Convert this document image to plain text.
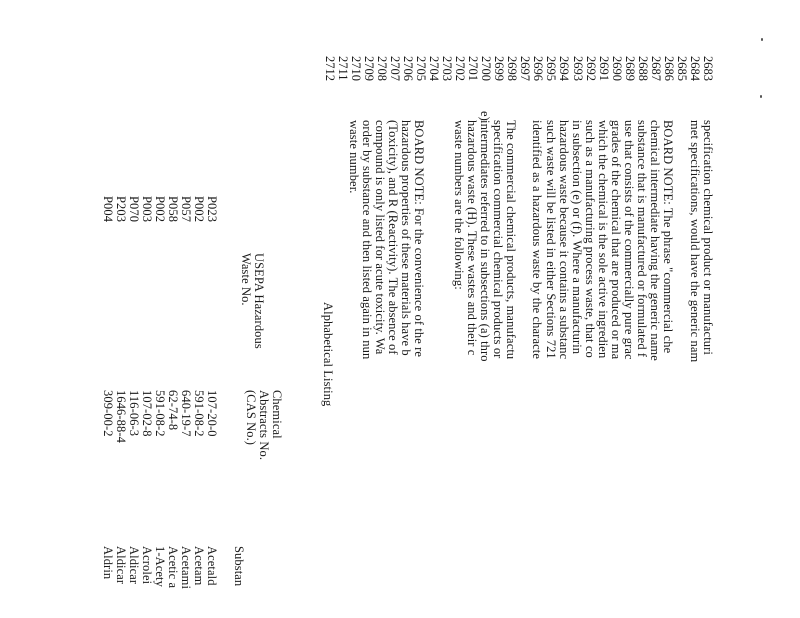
2683
2684
2685
2686
2687
2688
2689
2690
2691
2692
2693
2694
2695
2696
2697
2698
2699
2700
2701
2702
2703
2704
2705
2706
2707
2708
2709
2710
2711
2712
specification chemical product or manufacturi
met specifications, would have the generic nam
BOARD NOTE: The phrase "commercial che
chemical intermediate having the generic name
substance that is manufactured or formulated f
use that consists of the commercially pure grac
grades of the chemical that are produced or ma
which the chemical is the sole active ingredien
such as a manufacturing process waste, that co
in subsection (e) or (f). Where a manufacturin
hazardous waste because it contains a substanc
such waste will be listed in either Sections 721
identified as a hazardous waste by the characte
e)
The commercial chemical products, manufactu
specification commercial chemical products or
intermediates referred to in subsections (a) thro
hazardous waste (H). These wastes and their c
waste numbers are the following:
BOARD NOTE: For the convenience of the re
hazardous properties of these materials have b
(Toxicity), and R (Reactivity). The absence of
compound is only listed for acute toxicity. Wa
order by substance and then listed again in nun
waste number.
Alphabetical Listing
USEPA Hazardous
Waste No.
Chemical
Abstracts No.
(CAS No.)
Substan
P023
107-20-0
Acetald
P002
591-08-2
Acetam
P057
640-19-7
Acetami
P058
62-74-8
Acetic a
P002
591-08-2
1-Acety
P003
107-02-8
Acrolei
P070
116-06-3
Aldicar
P203
1646-88-4
Aldicar
P004
309-00-2
Aldrin
